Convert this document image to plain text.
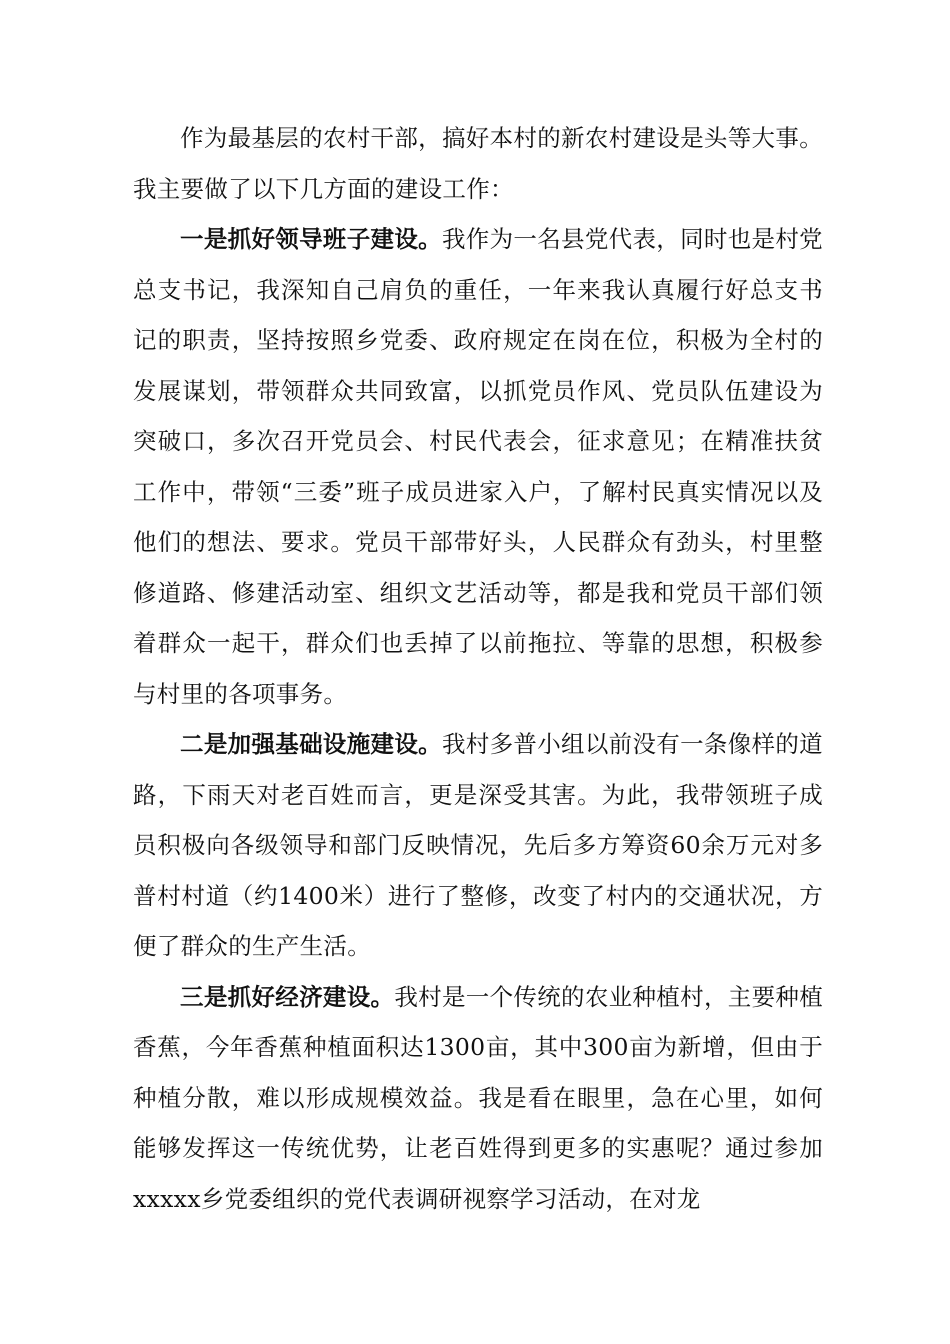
作为最基层的农村干部，搞好本村的新农村建设是头等大事。我主要做了以下几方面的建设工作：

一是抓好领导班子建设。我作为一名县党代表，同时也是村党总支书记，我深知自己肩负的重任，一年来我认真履行好总支书记的职责，坚持按照乡党委、政府规定在岗在位，积极为全村的发展谋划，带领群众共同致富，以抓党员作风、党员队伍建设为突破口，多次召开党员会、村民代表会，征求意见；在精准扶贫工作中，带领“三委”班子成员进家入户，了解村民真实情况以及他们的想法、要求。党员干部带好头，人民群众有劲头，村里整修道路、修建活动室、组织文艺活动等，都是我和党员干部们领着群众一起干，群众们也丢掉了以前拖拉、等靠的思想，积极参与村里的各项事务。

二是加强基础设施建设。我村多普小组以前没有一条像样的道路，下雨天对老百姓而言，更是深受其害。为此，我带领班子成员积极向各级领导和部门反映情况，先后多方筹资60余万元对多普村村道（约1400米）进行了整修，改变了村内的交通状况，方便了群众的生产生活。

三是抓好经济建设。我村是一个传统的农业种植村，主要种植香蕉，今年香蕉种植面积达1300亩，其中300亩为新增，但由于种植分散，难以形成规模效益。我是看在眼里，急在心里，如何能够发挥这一传统优势，让老百姓得到更多的实惠呢？通过参加xxxxx乡党委组织的党代表调研视察学习活动，在对龙
